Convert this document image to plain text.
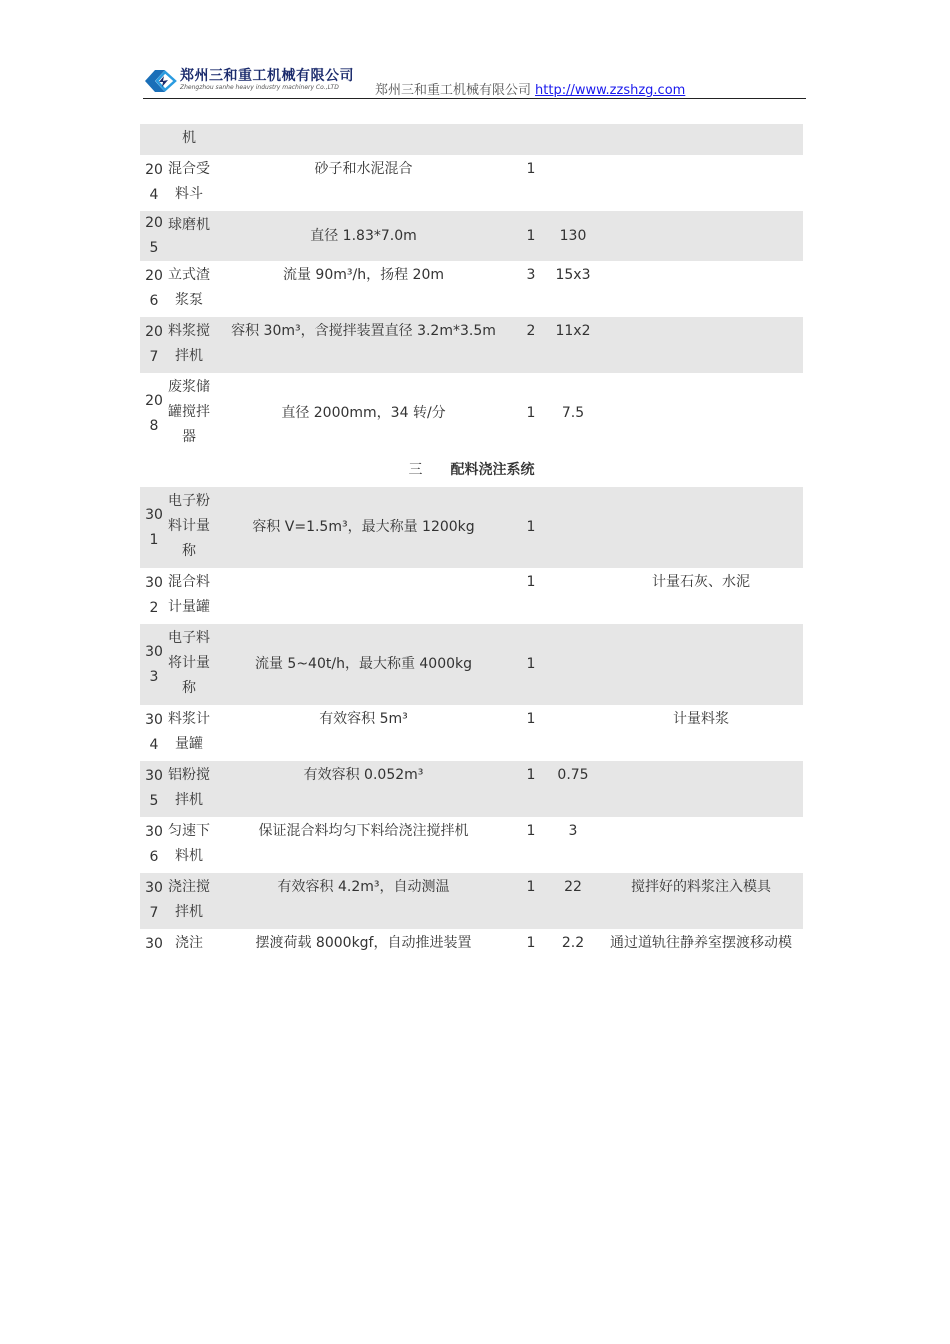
郑州三和重工机械有限公司
Zhengzhou sanhe heavy industry machinery Co.,LTD	郑州三和重工机械有限公司 http://www.zzshzg.com
	机				
204	混合受料斗	砂子和水泥混合	1		
205	球磨机	直径 1.83*7.0m	1	130	
206	立式渣浆泵	流量 90m³/h，扬程 20m	3	15x3	
207	料浆搅拌机	容积 30m³，含搅拌装置直径 3.2m*3.5m	2	11x2	
208	废浆储罐搅拌器	直径 2000mm，34 转/分	1	7.5	
三 配料浇注系统					
301	电子粉料计量称	容积 V=1.5m³，最大称量 1200kg	1		
302	混合料计量罐		1		计量石灰、水泥
303	电子料将计量称	流量 5~40t/h，最大称重 4000kg	1		
304	料浆计量罐	有效容积 5m³	1		计量料浆
305	铝粉搅拌机	有效容积 0.052m³	1	0.75	
306	匀速下料机	保证混合料均匀下料给浇注搅拌机	1	3	
307	浇注搅拌机	有效容积 4.2m³，自动测温	1	22	搅拌好的料浆注入模具
30	浇注	摆渡荷载 8000kgf，自动推进装置	1	2.2	通过道轨往静养室摆渡移动模
